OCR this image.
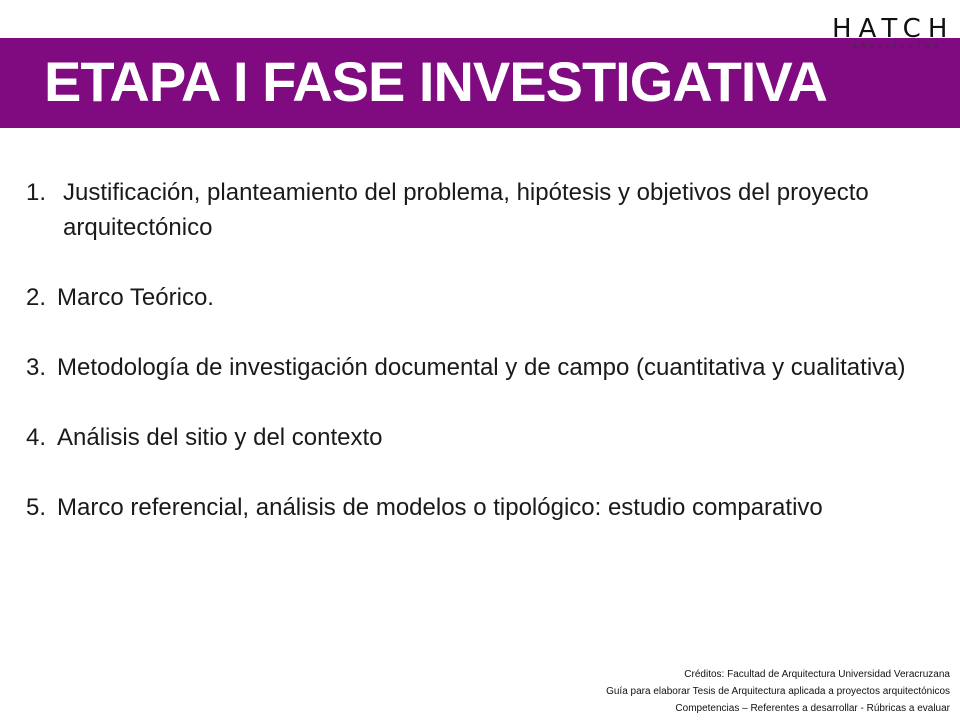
HATCH
ARQUITECTOS
ETAPA I FASE INVESTIGATIVA
1. Justificación, planteamiento del problema, hipótesis y objetivos del proyecto arquitectónico
2. Marco Teórico.
3. Metodología de investigación documental y de campo (cuantitativa y cualitativa)
4. Análisis del sitio y del contexto
5. Marco referencial, análisis de modelos o tipológico: estudio comparativo
Créditos: Facultad de Arquitectura Universidad Veracruzana
Guía para elaborar Tesis de Arquitectura aplicada a proyectos arquitectónicos
Competencias – Referentes a desarrollar - Rúbricas a evaluar
